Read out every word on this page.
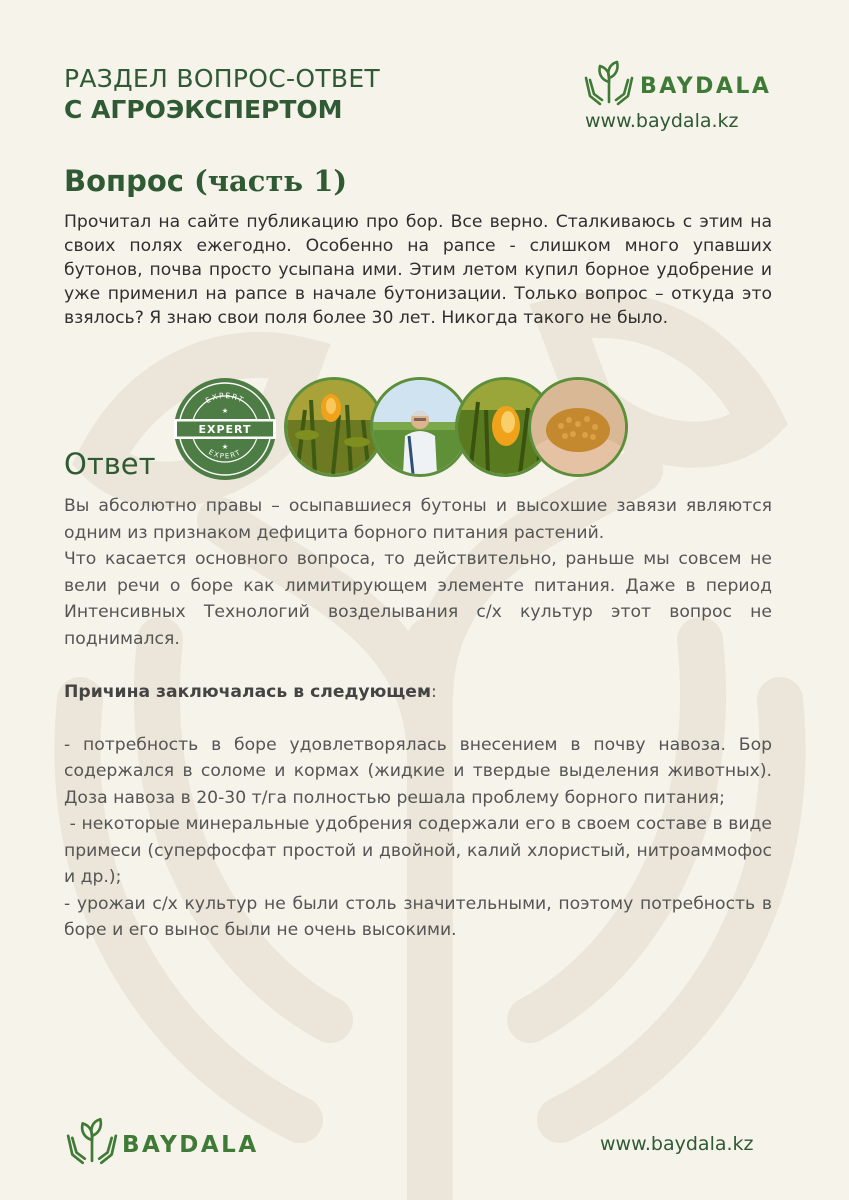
РАЗДЕЛ ВОПРОС-ОТВЕТ
С АГРОЭКСПЕРТОМ
BAYDALA
www.baydala.kz
Вопрос (часть 1)

Прочитал на сайте публикацию про бор. Все верно. Сталкиваюсь с этим на своих полях ежегодно. Особенно на рапсе - слишком много упавших бутонов, почва просто усыпана ими. Этим летом купил борное удобрение и уже применил на рапсе в начале бутонизации. Только вопрос – откуда это взялось? Я знаю свои поля более 30 лет. Никогда такого не было.

EXPERT
EXPERT
EXPERT
★
★
Ответ

Вы абсолютно правы – осыпавшиеся бутоны и высохшие завязи являются одним из признаком дефицита борного питания растений.

Что касается основного вопроса, то действительно, раньше мы совсем не вели речи о боре как лимитирующем элементе питания. Даже в период Интенсивных Технологий возделывания с/х культур этот вопрос не поднимался.

Причина заключалась в следующем:

- потребность в боре удовлетворялась внесением в почву навоза. Бор содержался в соломе и кормах (жидкие и твердые выделения животных). Доза навоза в 20-30 т/га полностью решала проблему борного питания;

- некоторые минеральные удобрения содержали его в своем составе в виде примеси (суперфосфат простой и двойной, калий хлористый, нитроаммофос и др.);

- урожаи с/х культур не были столь значительными, поэтому потребность в боре и его вынос были не очень высокими.

BAYDALA	www.baydala.kz
